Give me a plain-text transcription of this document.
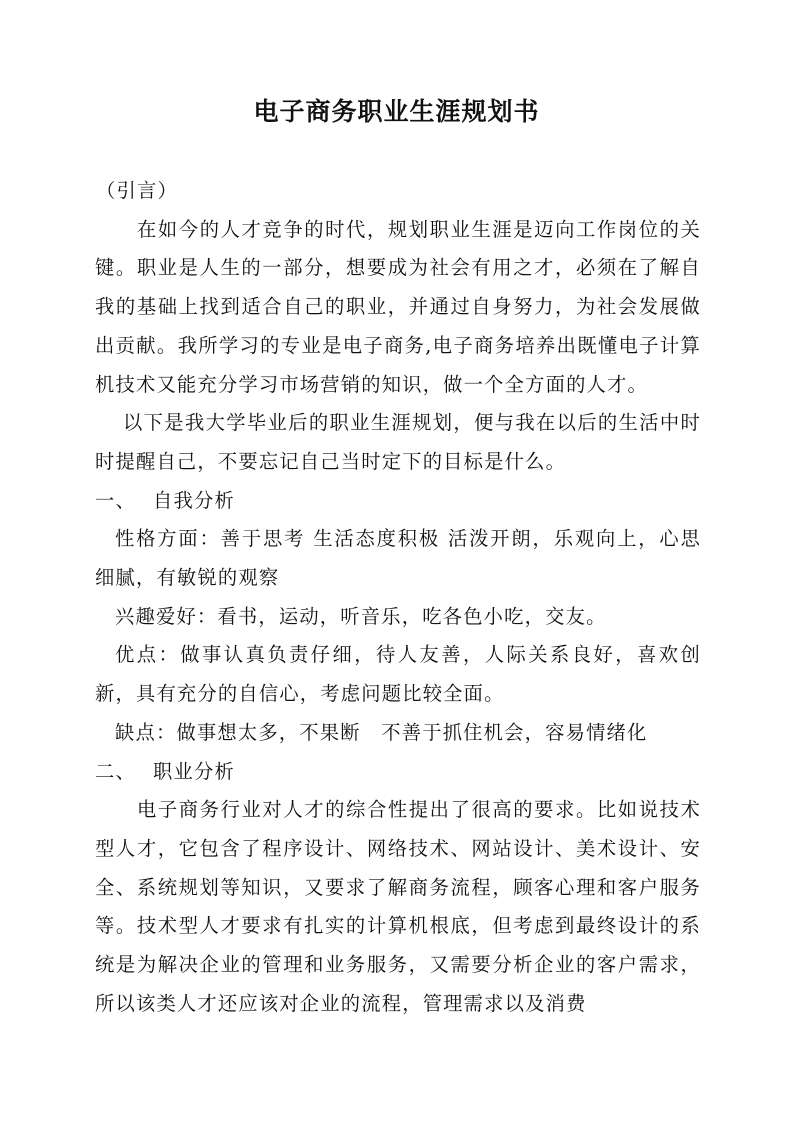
电子商务职业生涯规划书

（引言）

在如今的人才竞争的时代，规划职业生涯是迈向工作岗位的关键。职业是人生的一部分，想要成为社会有用之才，必须在了解自我的基础上找到适合自己的职业，并通过自身努力，为社会发展做出贡献。我所学习的专业是电子商务,电子商务培养出既懂电子计算机技术又能充分学习市场营销的知识，做一个全方面的人才。

以下是我大学毕业后的职业生涯规划，便与我在以后的生活中时时提醒自己，不要忘记自己当时定下的目标是什么。

一、 自我分析

性格方面：善于思考 生活态度积极 活泼开朗，乐观向上，心思细腻，有敏锐的观察

兴趣爱好：看书，运动，听音乐，吃各色小吃，交友。

优点：做事认真负责仔细，待人友善，人际关系良好，喜欢创新，具有充分的自信心，考虑问题比较全面。

缺点：做事想太多，不果断　不善于抓住机会，容易情绪化

二、 职业分析

电子商务行业对人才的综合性提出了很高的要求。比如说技术型人才，它包含了程序设计、网络技术、网站设计、美术设计、安全、系统规划等知识，又要求了解商务流程，顾客心理和客户服务等。技术型人才要求有扎实的计算机根底，但考虑到最终设计的系统是为解决企业的管理和业务服务，又需要分析企业的客户需求，所以该类人才还应该对企业的流程，管理需求以及消费
